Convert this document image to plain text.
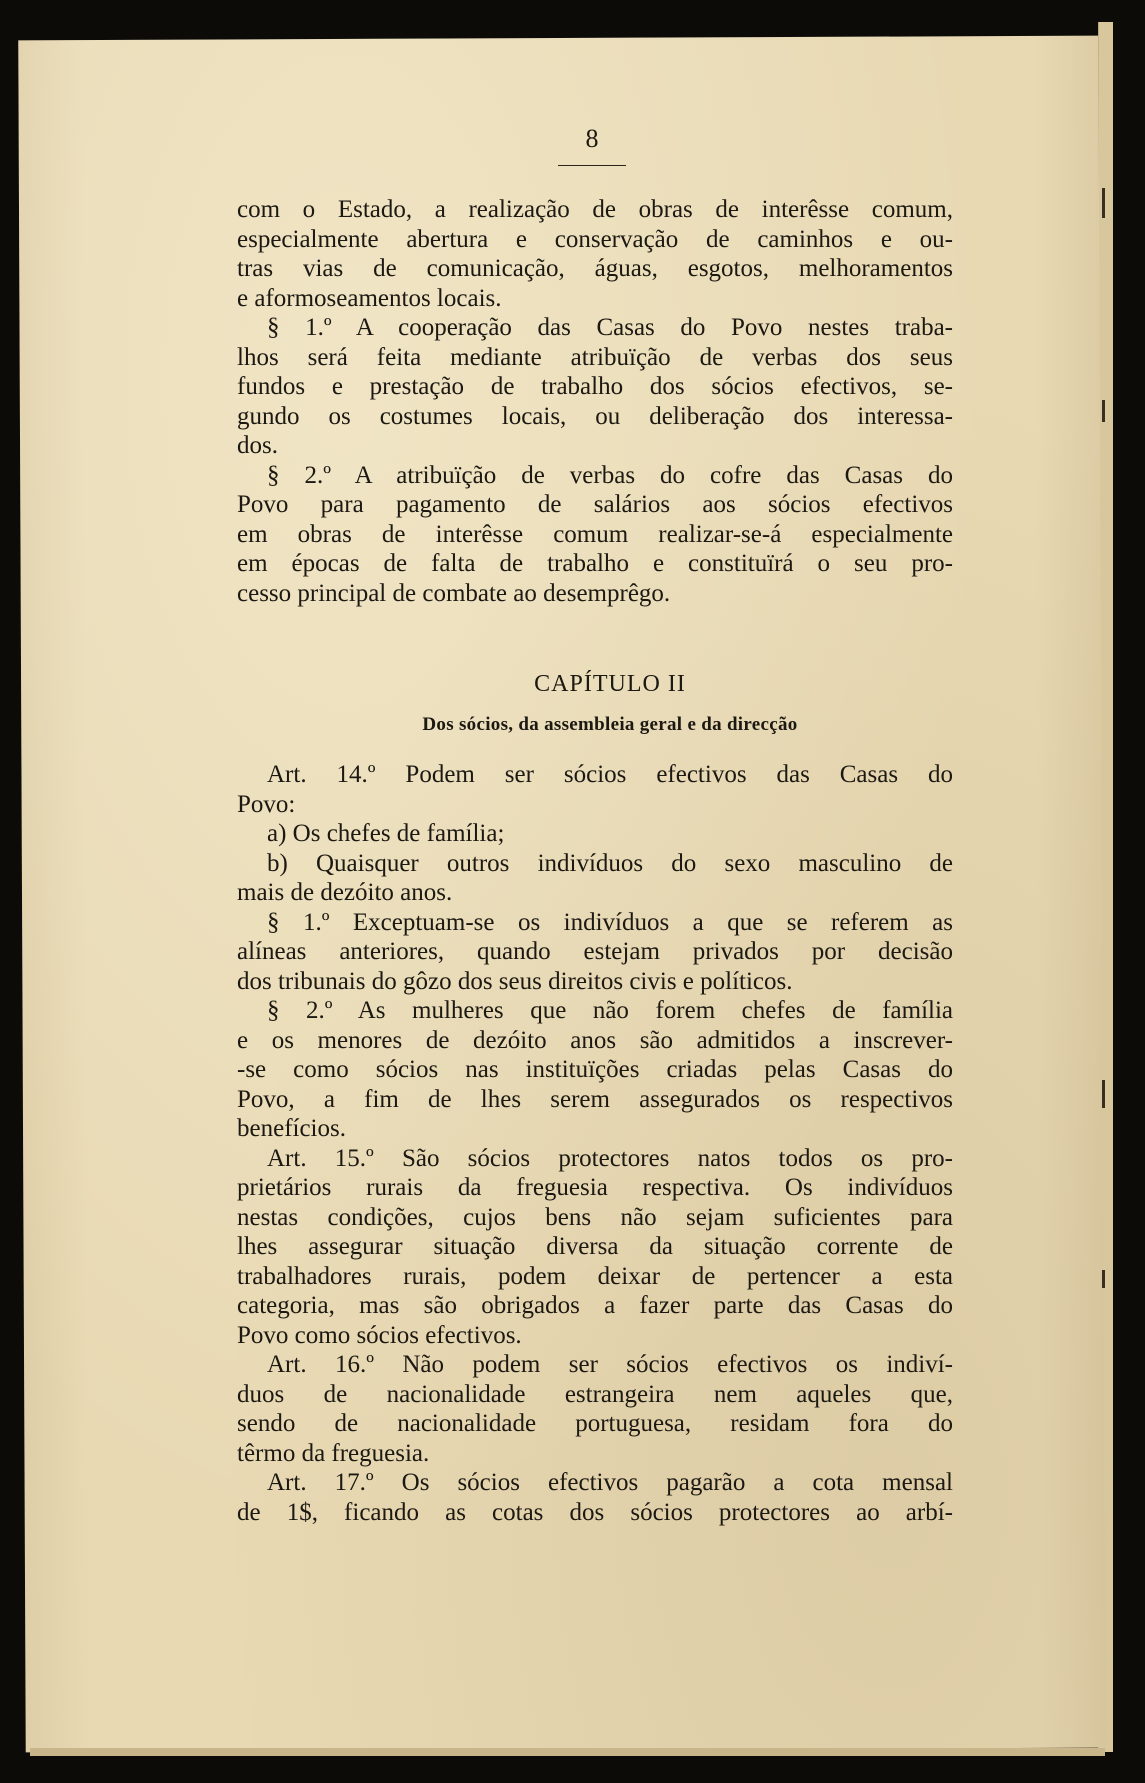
8
com o Estado, a realização de obras de interêsse comum,
especialmente abertura e conservação de caminhos e ou-
tras vias de comunicação, águas, esgotos, melhoramentos
e aformoseamentos locais.
§ 1.º A cooperação das Casas do Povo nestes traba-
lhos será feita mediante atribuïção de verbas dos seus
fundos e prestação de trabalho dos sócios efectivos, se-
gundo os costumes locais, ou deliberação dos interessa-
dos.
§ 2.º A atribuïção de verbas do cofre das Casas do
Povo para pagamento de salários aos sócios efectivos
em obras de interêsse comum realizar-se-á especialmente
em épocas de falta de trabalho e constituïrá o seu pro-
cesso principal de combate ao desemprêgo.
CAPÍTULO II
Dos sócios, da assembleia geral e da direcção
Art. 14.º Podem ser sócios efectivos das Casas do
Povo:
a) Os chefes de família;
b) Quaisquer outros indivíduos do sexo masculino de
mais de dezóito anos.
§ 1.º Exceptuam-se os indivíduos a que se referem as
alíneas anteriores, quando estejam privados por decisão
dos tribunais do gôzo dos seus direitos civis e políticos.
§ 2.º As mulheres que não forem chefes de família
e os menores de dezóito anos são admitidos a inscrever-
-se como sócios nas instituïções criadas pelas Casas do
Povo, a fim de lhes serem assegurados os respectivos
benefícios.
Art. 15.º São sócios protectores natos todos os pro-
prietários rurais da freguesia respectiva. Os indivíduos
nestas condições, cujos bens não sejam suficientes para
lhes assegurar situação diversa da situação corrente de
trabalhadores rurais, podem deixar de pertencer a esta
categoria, mas são obrigados a fazer parte das Casas do
Povo como sócios efectivos.
Art. 16.º Não podem ser sócios efectivos os indiví-
duos de nacionalidade estrangeira nem aqueles que,
sendo de nacionalidade portuguesa, residam fora do
têrmo da freguesia.
Art. 17.º Os sócios efectivos pagarão a cota mensal
de 1$, ficando as cotas dos sócios protectores ao arbí-
